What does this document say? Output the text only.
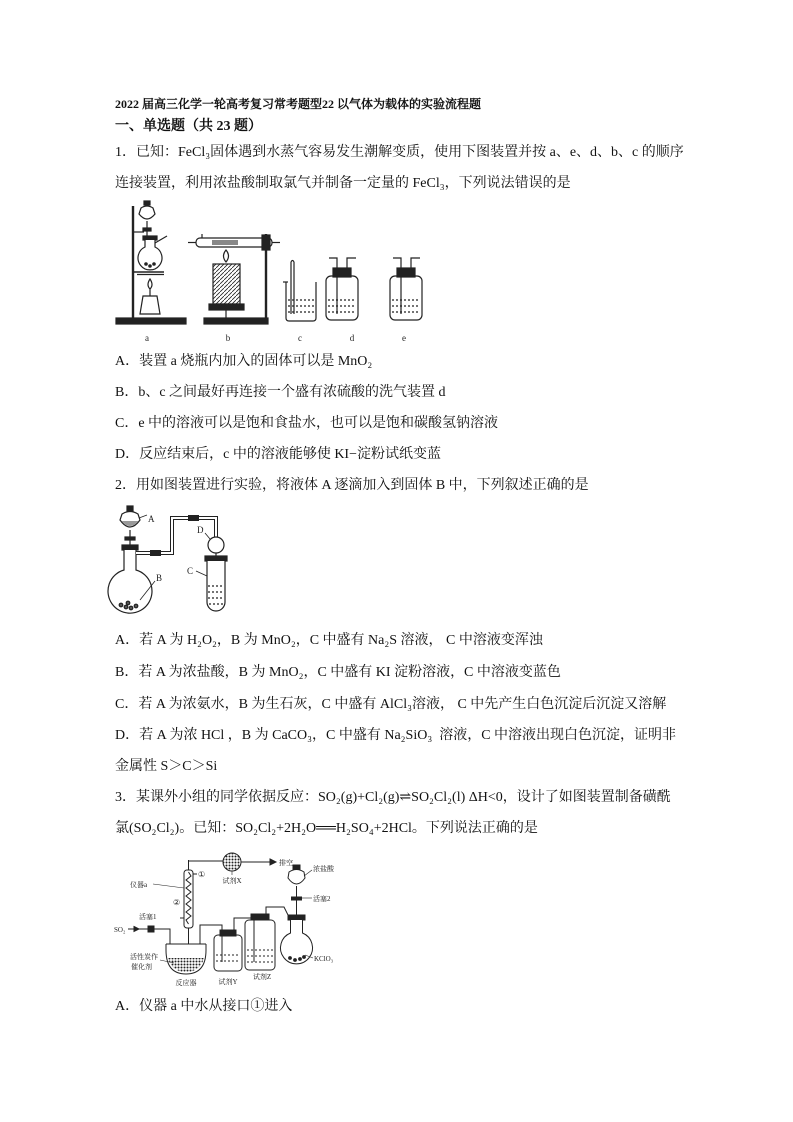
2022 届高三化学一轮高考复习常考题型22 以气体为载体的实验流程题
一、单选题（共 23 题）
1．已知：FeCl₃固体遇到水蒸气容易发生潮解变质，使用下图装置并按 a、e、d、b、c 的顺序
连接装置，利用浓盐酸制取氯气并制备一定量的 FeCl₃，下列说法错误的是
a	b	c	d	e
A．装置 a 烧瓶内加入的固体可以是 MnO₂
B．b、c 之间最好再连接一个盛有浓硫酸的洗气装置 d
C．e 中的溶液可以是饱和食盐水，也可以是饱和碳酸氢钠溶液
D．反应结束后，c 中的溶液能够使 KI−淀粉试纸变蓝
2．用如图装置进行实验，将液体 A 逐滴加入到固体 B 中，下列叙述正确的是
A
B
D
C
A．若 A 为 H₂O₂，B 为 MnO₂，C 中盛有 Na₂S 溶液， C 中溶液变浑浊
B．若 A 为浓盐酸，B 为 MnO₂，C 中盛有 KI 淀粉溶液，C 中溶液变蓝色
C．若 A 为浓氨水，B 为生石灰，C 中盛有 AlCl₃溶液， C 中先产生白色沉淀后沉淀又溶解
D．若 A 为浓 HCl ，B 为 CaCO₃，C 中盛有 Na₂SiO₃  溶液，C 中溶液出现白色沉淀，证明非
金属性 S＞C＞Si
3．某课外小组的同学依据反应：SO₂(g)+Cl₂(g)⇌SO₂Cl₂(l) ΔH<0，设计了如图装置制备磺酰
氯(SO₂Cl₂)。已知：SO₂Cl₂+2H₂O══H₂SO₄+2HCl。下列说法正确的是
①
②
仪器a
排空
试剂X
SO₂
活塞1
活性炭作
催化剂
反应器	试剂Y
试剂Z
浓盐酸
活塞2
KClO₃
A．仪器 a 中水从接口①进入
